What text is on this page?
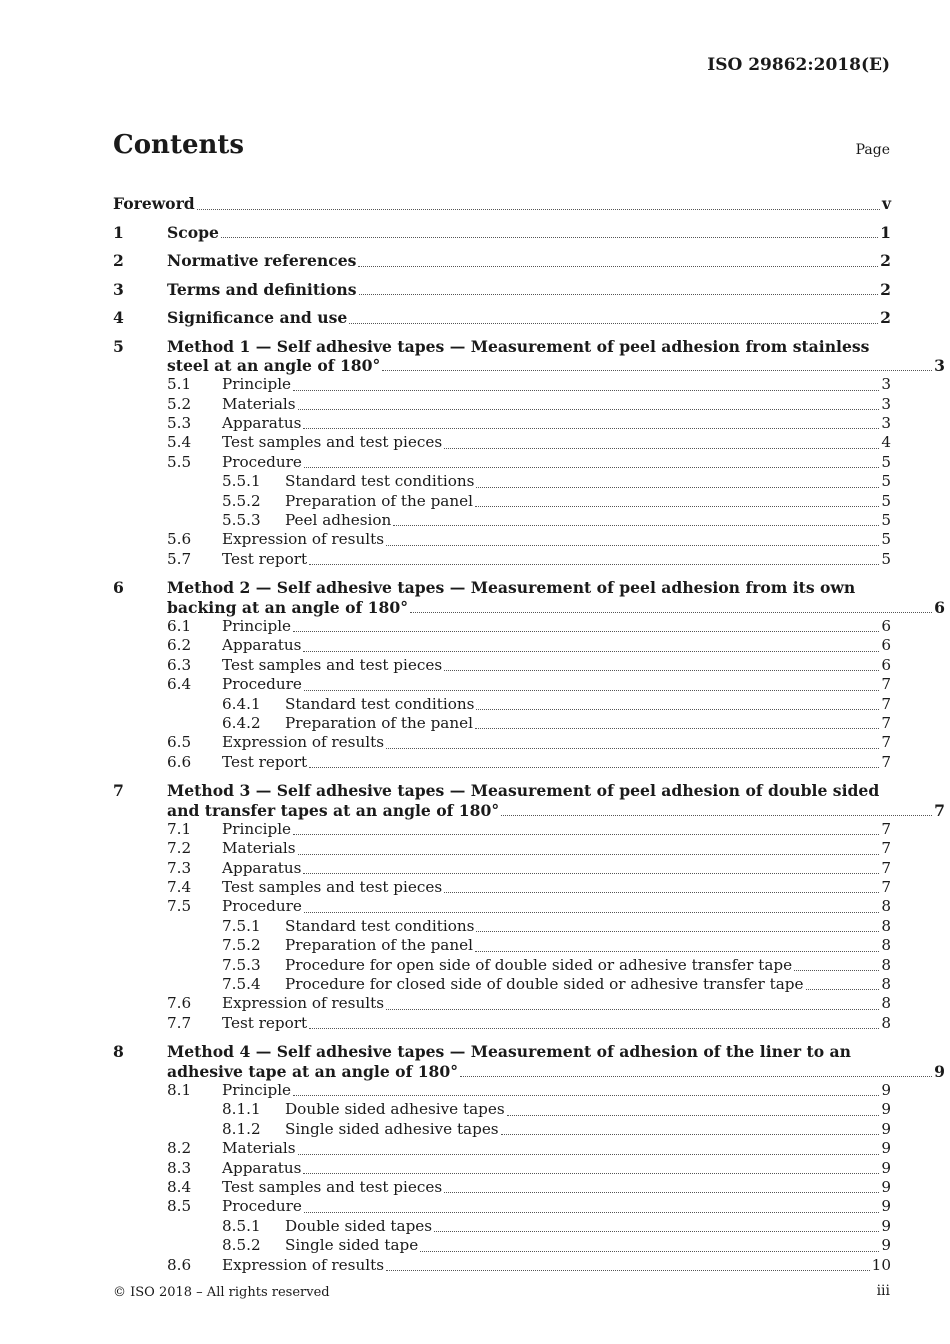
ISO 29862:2018(E)
Contents	Page
Foreword	v
1	Scope	1
2	Normative references	2
3	Terms and definitions	2
4	Significance and use	2
5	Method 1 — Self adhesive tapes — Measurement of peel adhesion from stainless
steel at an angle of 180°	3
5.1 Principle	3
5.2 Materials	3
5.3 Apparatus	3
5.4 Test samples and test pieces	4
5.5 Procedure	5
5.5.1 Standard test conditions	5
5.5.2 Preparation of the panel	5
5.5.3 Peel adhesion	5
5.6 Expression of results	5
5.7 Test report	5
6	Method 2 — Self adhesive tapes — Measurement of peel adhesion from its own
backing at an angle of 180°	6
6.1 Principle	6
6.2 Apparatus	6
6.3 Test samples and test pieces	6
6.4 Procedure	7
6.4.1 Standard test conditions	7
6.4.2 Preparation of the panel	7
6.5 Expression of results	7
6.6 Test report	7
7	Method 3 — Self adhesive tapes — Measurement of peel adhesion of double sided
and transfer tapes at an angle of 180°	7
7.1 Principle	7
7.2 Materials	7
7.3 Apparatus	7
7.4 Test samples and test pieces	7
7.5 Procedure	8
7.5.1 Standard test conditions	8
7.5.2 Preparation of the panel	8
7.5.3 Procedure for open side of double sided or adhesive transfer tape	8
7.5.4 Procedure for closed side of double sided or adhesive transfer tape	8
7.6 Expression of results	8
7.7 Test report	8
8	Method 4 — Self adhesive tapes — Measurement of adhesion of the liner to an
adhesive tape at an angle of 180°	9
8.1 Principle	9
8.1.1 Double sided adhesive tapes	9
8.1.2 Single sided adhesive tapes	9
8.2 Materials	9
8.3 Apparatus	9
8.4 Test samples and test pieces	9
8.5 Procedure	9
8.5.1 Double sided tapes	9
8.5.2 Single sided tape	9
8.6 Expression of results	10
© ISO 2018 – All rights reserved	iii
